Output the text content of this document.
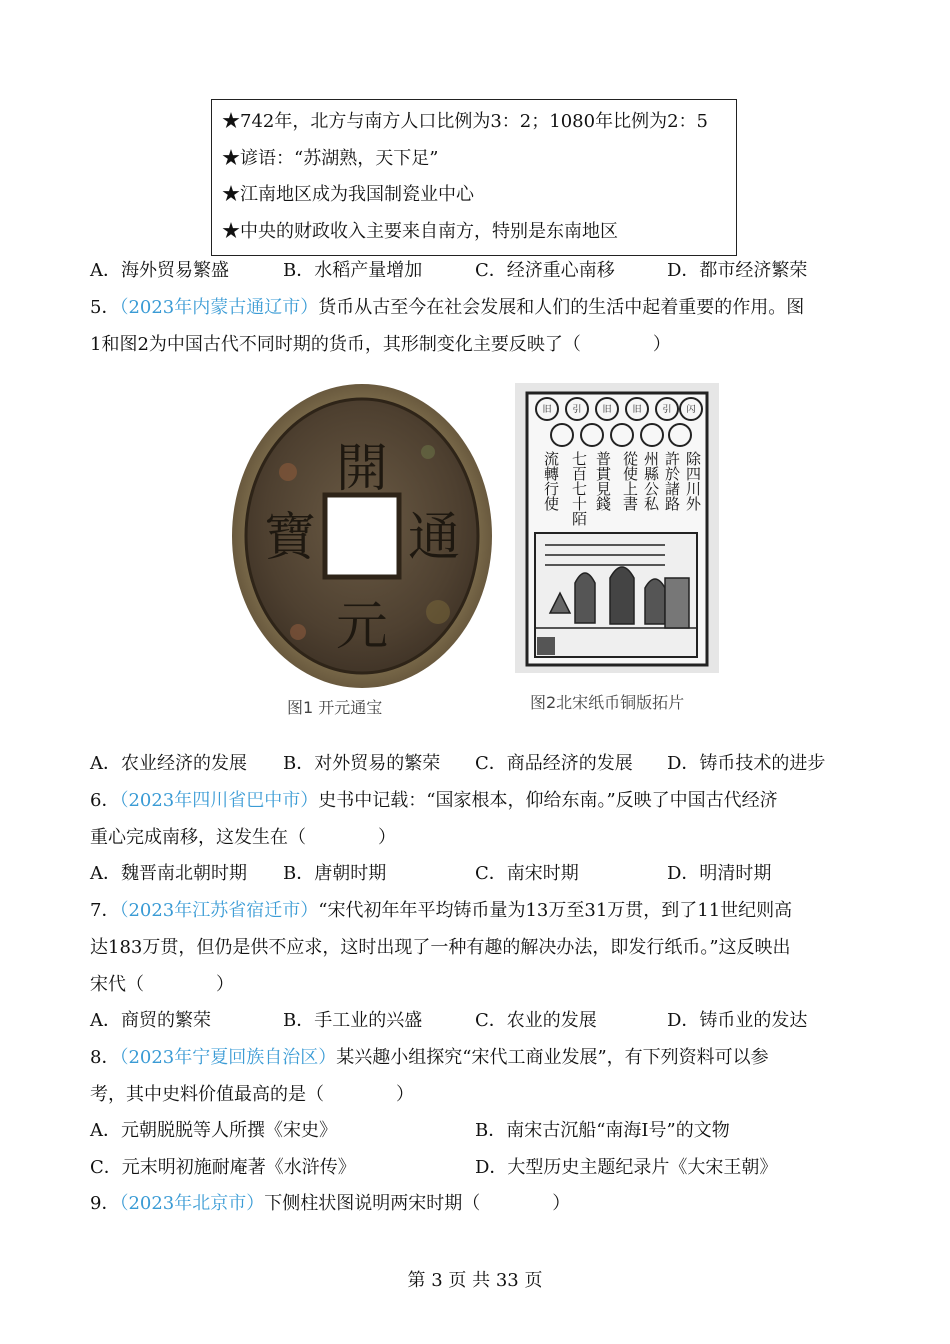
★742年，北方与南方人口比例为3：2；1080年比例为2：5
★谚语：“苏湖熟，天下足”
★江南地区成为我国制瓷业中心
★中央的财政收入主要来自南方，特别是东南地区
A．海外贸易繁盛	B．水稻产量增加	C．经济重心南移	D．都市经济繁荣
5．（2023年内蒙古通辽市）货币从古至今在社会发展和人们的生活中起着重要的作用。图
1和图2为中国古代不同时期的货币，其形制变化主要反映了（　　　　）
開
通
元
寶
图1 开元通宝
旧 引 旧 旧 引 闪
除四川外
許於諸路
州縣公私
從使上書
普貫見錢
七百七十陌
流轉行使
图2北宋纸币铜版拓片
A．农业经济的发展 B．对外贸易的繁荣 C．商品经济的发展 D．铸币技术的进步
6．（2023年四川省巴中市）史书中记载：“国家根本，仰给东南。”反映了中国古代经济
重心完成南移，这发生在（　　　　）
A．魏晋南北朝时期 B．唐朝时期	C．南宋时期	D．明清时期
7．（2023年江苏省宿迁市）“宋代初年年平均铸币量为13万至31万贯，到了11世纪则高
达183万贯，但仍是供不应求，这时出现了一种有趣的解决办法，即发行纸币。”这反映出
宋代（　　　　）
A．商贸的繁荣	B．手工业的兴盛	C．农业的发展	D．铸币业的发达
8．（2023年宁夏回族自治区）某兴趣小组探究“宋代工商业发展”，有下列资料可以参
考，其中史料价值最高的是（　　　　）
A．元朝脱脱等人所撰《宋史》	B．南宋古沉船“南海Ⅰ号”的文物
C．元末明初施耐庵著《水浒传》	D．大型历史主题纪录片《大宋王朝》
9．（2023年北京市）下侧柱状图说明两宋时期（　　　　）
第 3 页 共 33 页
